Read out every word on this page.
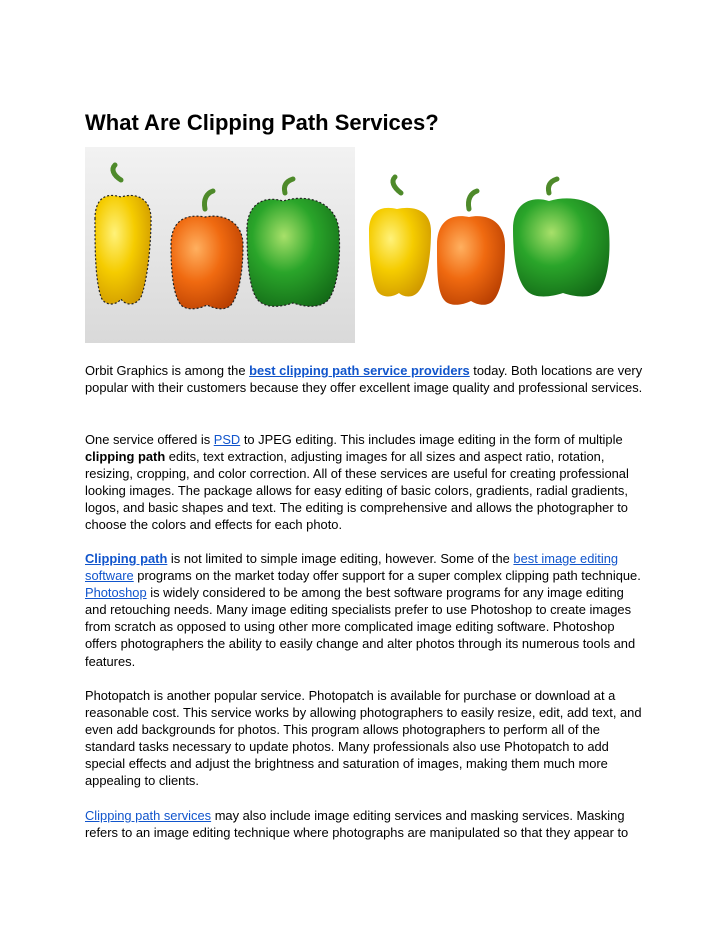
What Are Clipping Path Services?

Orbit Graphics is among the best clipping path service providers today. Both locations are very popular with their customers because they offer excellent image quality and professional services.

One service offered is PSD to JPEG editing. This includes image editing in the form of multiple clipping path edits, text extraction, adjusting images for all sizes and aspect ratio, rotation, resizing, cropping, and color correction. All of these services are useful for creating professional looking images. The package allows for easy editing of basic colors, gradients, radial gradients, logos, and basic shapes and text. The editing is comprehensive and allows the photographer to choose the colors and effects for each photo.

Clipping path is not limited to simple image editing, however. Some of the best image editing software programs on the market today offer support for a super complex clipping path technique. Photoshop is widely considered to be among the best software programs for any image editing and retouching needs. Many image editing specialists prefer to use Photoshop to create images from scratch as opposed to using other more complicated image editing software. Photoshop offers photographers the ability to easily change and alter photos through its numerous tools and features.

Photopatch is another popular service. Photopatch is available for purchase or download at a reasonable cost. This service works by allowing photographers to easily resize, edit, add text, and even add backgrounds for photos. This program allows photographers to perform all of the standard tasks necessary to update photos. Many professionals also use Photopatch to add special effects and adjust the brightness and saturation of images, making them much more appealing to clients.

Clipping path services may also include image editing services and masking services. Masking refers to an image editing technique where photographs are manipulated so that they appear to
